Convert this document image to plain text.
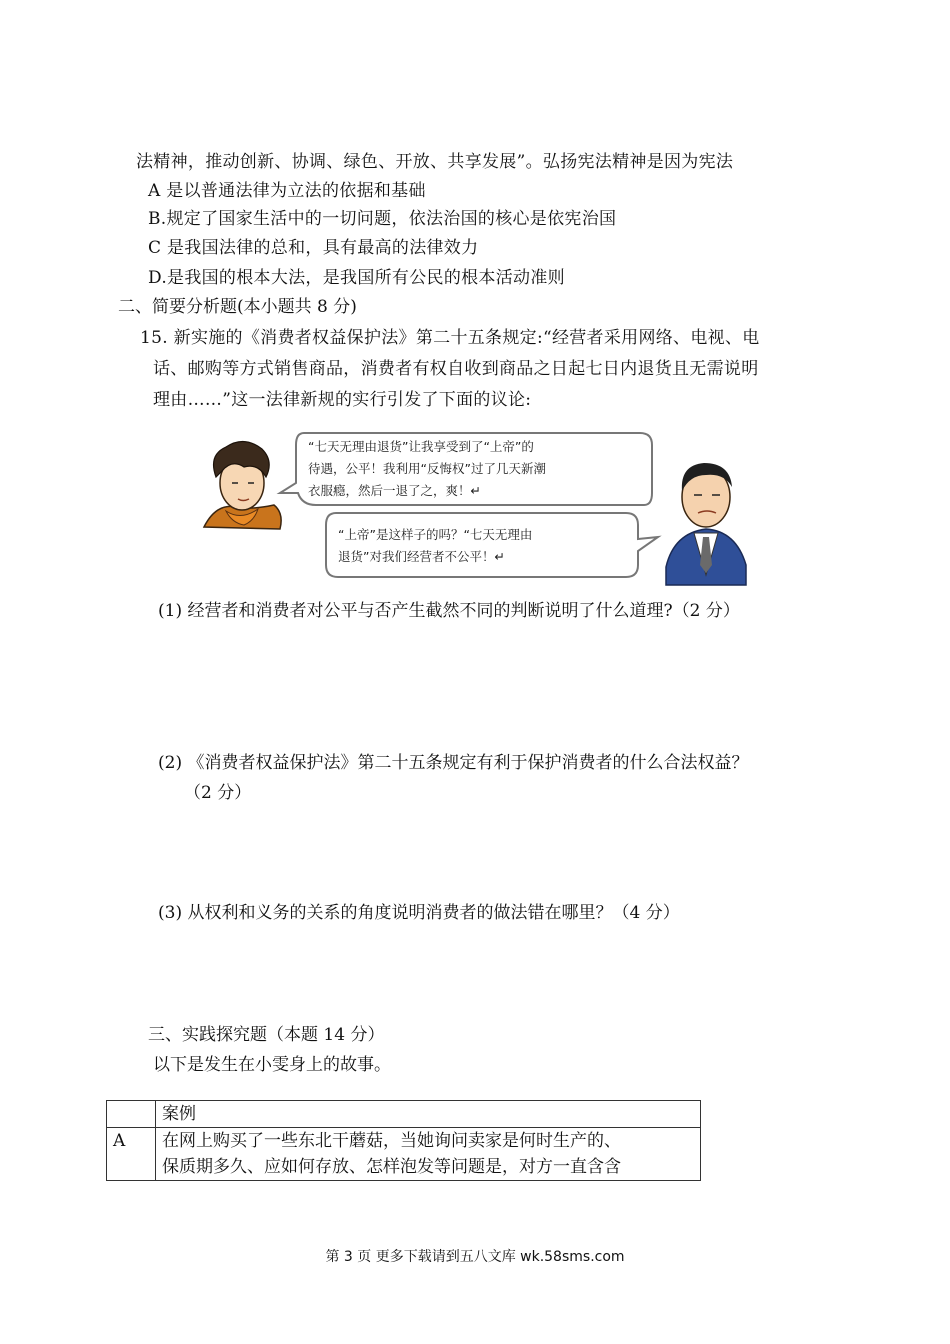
法精神，推动创新、协调、绿色、开放、共享发展”。弘扬宪法精神是因为宪法
A 是以普通法律为立法的依据和基础
B.规定了国家生活中的一切问题，依法治国的核心是依宪治国
C 是我国法律的总和，具有最高的法律效力
D.是我国的根本大法，是我国所有公民的根本活动准则
二、简要分析题(本小题共 8 分)
15. 新实施的《消费者权益保护法》第二十五条规定:“经营者采用网络、电视、电
话、邮购等方式销售商品，消费者有权自收到商品之日起七日内退货且无需说明
理由……”这一法律新规的实行引发了下面的议论:
“七天无理由退货”让我享受到了“上帝”的
待遇，公平！我利用“反悔权”过了几天新潮
衣服瘾，然后一退了之，爽！↵
“上帝”是这样子的吗？“七天无理由
退货”对我们经营者不公平！↵
(1) 经营者和消费者对公平与否产生截然不同的判断说明了什么道理?（2 分）
(2) 《消费者权益保护法》第二十五条规定有利于保护消费者的什么合法权益？
（2 分）
(3) 从权利和义务的关系的角度说明消费者的做法错在哪里？（4 分）
三、实践探究题（本题 14 分）
以下是发生在小雯身上的故事。
	案例
A	在网上购买了一些东北干蘑菇，当她询问卖家是何时生产的、
保质期多久、应如何存放、怎样泡发等问题是，对方一直含含
第 3 页 更多下载请到五八文库 wk.58sms.com
